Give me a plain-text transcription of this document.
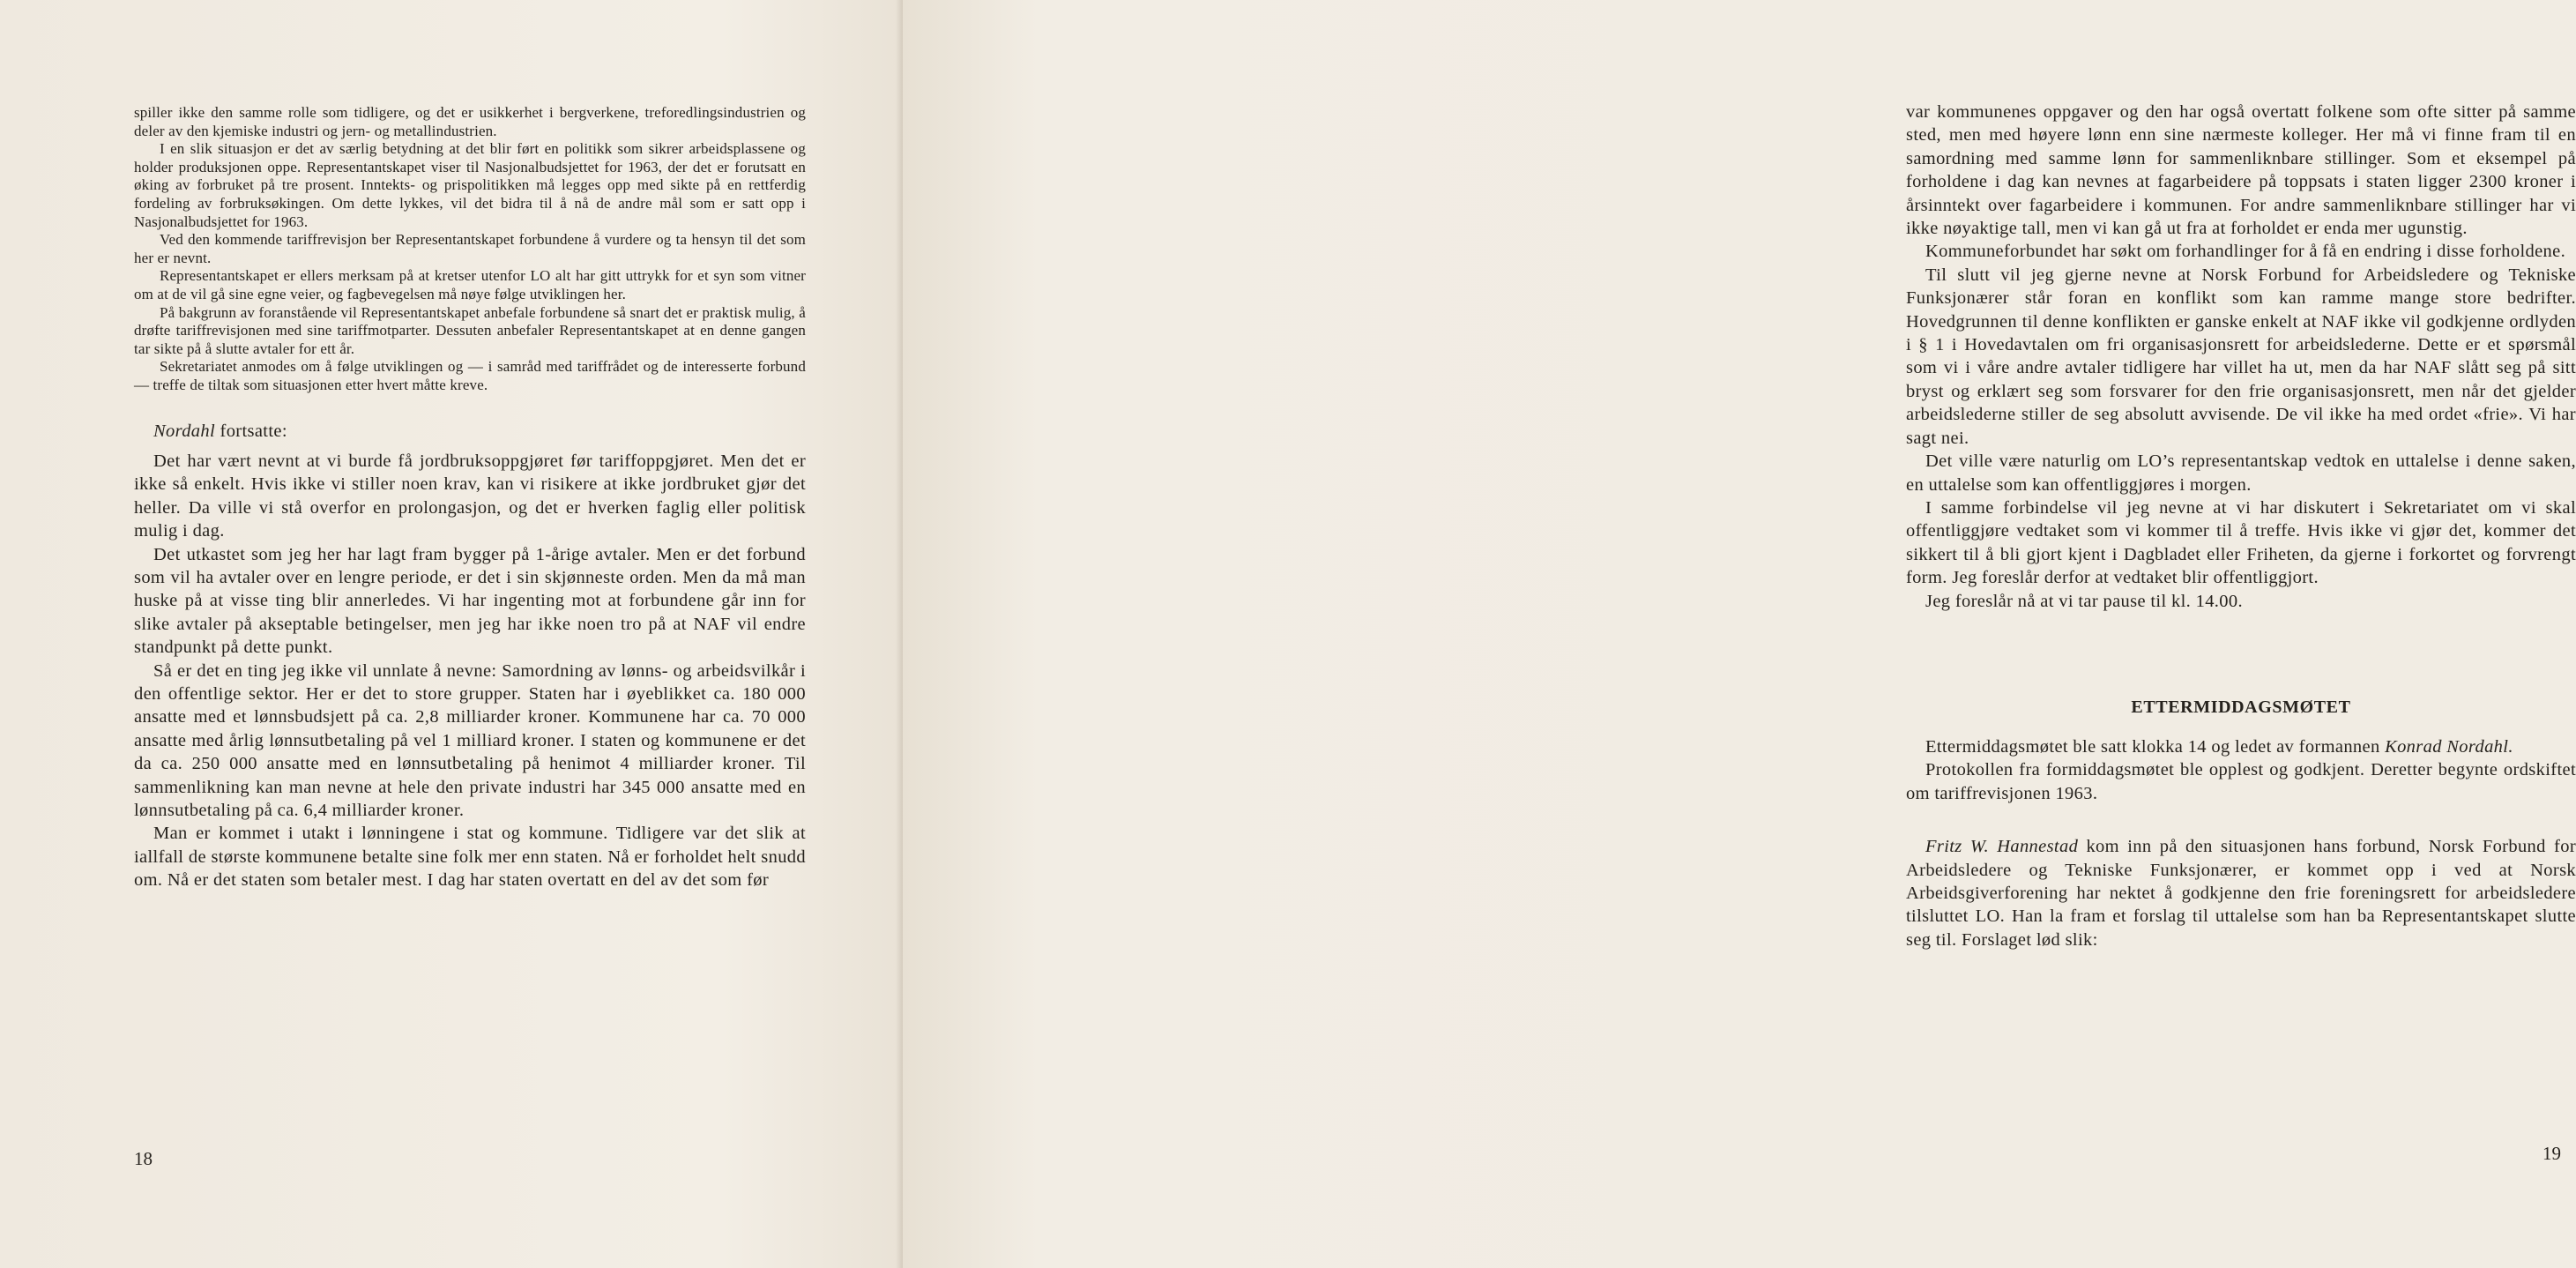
spiller ikke den samme rolle som tidligere, og det er usikkerhet i bergverkene, treforedlingsindustrien og deler av den kjemiske industri og jern- og metallindustrien.

I en slik situasjon er det av særlig betydning at det blir ført en politikk som sikrer arbeidsplassene og holder produksjonen oppe. Representantskapet viser til Nasjonalbudsjettet for 1963, der det er forutsatt en øking av forbruket på tre prosent. Inntekts- og prispolitikken må legges opp med sikte på en rettferdig fordeling av forbruksøkingen. Om dette lykkes, vil det bidra til å nå de andre mål som er satt opp i Nasjonalbudsjettet for 1963.

Ved den kommende tariffrevisjon ber Representantskapet forbundene å vurdere og ta hensyn til det som her er nevnt.

Representantskapet er ellers merksam på at kretser utenfor LO alt har gitt uttrykk for et syn som vitner om at de vil gå sine egne veier, og fagbevegelsen må nøye følge utviklingen her.

På bakgrunn av foranstående vil Representantskapet anbefale forbundene så snart det er praktisk mulig, å drøfte tariffrevisjonen med sine tariffmotparter. Dessuten anbefaler Representantskapet at en denne gangen tar sikte på å slutte avtaler for ett år.

Sekretariatet anmodes om å følge utviklingen og — i samråd med tariffrådet og de interesserte forbund — treffe de tiltak som situasjonen etter hvert måtte kreve.

Nordahl fortsatte:

Det har vært nevnt at vi burde få jordbruksoppgjøret før tariffoppgjøret. Men det er ikke så enkelt. Hvis ikke vi stiller noen krav, kan vi risikere at ikke jordbruket gjør det heller. Da ville vi stå overfor en prolongasjon, og det er hverken faglig eller politisk mulig i dag.

Det utkastet som jeg her har lagt fram bygger på 1-årige avtaler. Men er det forbund som vil ha avtaler over en lengre periode, er det i sin skjønneste orden. Men da må man huske på at visse ting blir annerledes. Vi har ingenting mot at forbundene går inn for slike avtaler på akseptable betingelser, men jeg har ikke noen tro på at NAF vil endre standpunkt på dette punkt.

Så er det en ting jeg ikke vil unnlate å nevne: Samordning av lønns- og arbeidsvilkår i den offentlige sektor. Her er det to store grupper. Staten har i øyeblikket ca. 180 000 ansatte med et lønnsbudsjett på ca. 2,8 milliarder kroner. Kommunene har ca. 70 000 ansatte med årlig lønnsutbetaling på vel 1 milliard kroner. I staten og kommunene er det da ca. 250 000 ansatte med en lønnsutbetaling på henimot 4 milliarder kroner. Til sammenlikning kan man nevne at hele den private industri har 345 000 ansatte med en lønnsutbetaling på ca. 6,4 milliarder kroner.

Man er kommet i utakt i lønningene i stat og kommune. Tidligere var det slik at iallfall de største kommunene betalte sine folk mer enn staten. Nå er forholdet helt snudd om. Nå er det staten som betaler mest. I dag har staten overtatt en del av det som før

18

var kommunenes oppgaver og den har også overtatt folkene som ofte sitter på samme sted, men med høyere lønn enn sine nærmeste kolleger. Her må vi finne fram til en samordning med samme lønn for sammenliknbare stillinger. Som et eksempel på forholdene i dag kan nevnes at fagarbeidere på toppsats i staten ligger 2300 kroner i årsinntekt over fagarbeidere i kommunen. For andre sammenliknbare stillinger har vi ikke nøyaktige tall, men vi kan gå ut fra at forholdet er enda mer ugunstig.

Kommuneforbundet har søkt om forhandlinger for å få en endring i disse forholdene.

Til slutt vil jeg gjerne nevne at Norsk Forbund for Arbeidsledere og Tekniske Funksjonærer står foran en konflikt som kan ramme mange store bedrifter. Hovedgrunnen til denne konflikten er ganske enkelt at NAF ikke vil godkjenne ordlyden i § 1 i Hovedavtalen om fri organisasjonsrett for arbeidslederne. Dette er et spørsmål som vi i våre andre avtaler tidligere har villet ha ut, men da har NAF slått seg på sitt bryst og erklært seg som forsvarer for den frie organisasjonsrett, men når det gjelder arbeidslederne stiller de seg absolutt avvisende. De vil ikke ha med ordet «frie». Vi har sagt nei.

Det ville være naturlig om LO’s representantskap vedtok en uttalelse i denne saken, en uttalelse som kan offentliggjøres i morgen.

I samme forbindelse vil jeg nevne at vi har diskutert i Sekretariatet om vi skal offentliggjøre vedtaket som vi kommer til å treffe. Hvis ikke vi gjør det, kommer det sikkert til å bli gjort kjent i Dagbladet eller Friheten, da gjerne i forkortet og forvrengt form. Jeg foreslår derfor at vedtaket blir offentliggjort.

Jeg foreslår nå at vi tar pause til kl. 14.00.

ETTERMIDDAGSMØTET

Ettermiddagsmøtet ble satt klokka 14 og ledet av formannen Konrad Nordahl.

Protokollen fra formiddagsmøtet ble opplest og godkjent. Deretter begynte ordskiftet om tariffrevisjonen 1963.

Fritz W. Hannestad kom inn på den situasjonen hans forbund, Norsk Forbund for Arbeidsledere og Tekniske Funksjonærer, er kommet opp i ved at Norsk Arbeidsgiverforening har nektet å godkjenne den frie foreningsrett for arbeidsledere tilsluttet LO. Han la fram et forslag til uttalelse som han ba Representantskapet slutte seg til. Forslaget lød slik:

19
